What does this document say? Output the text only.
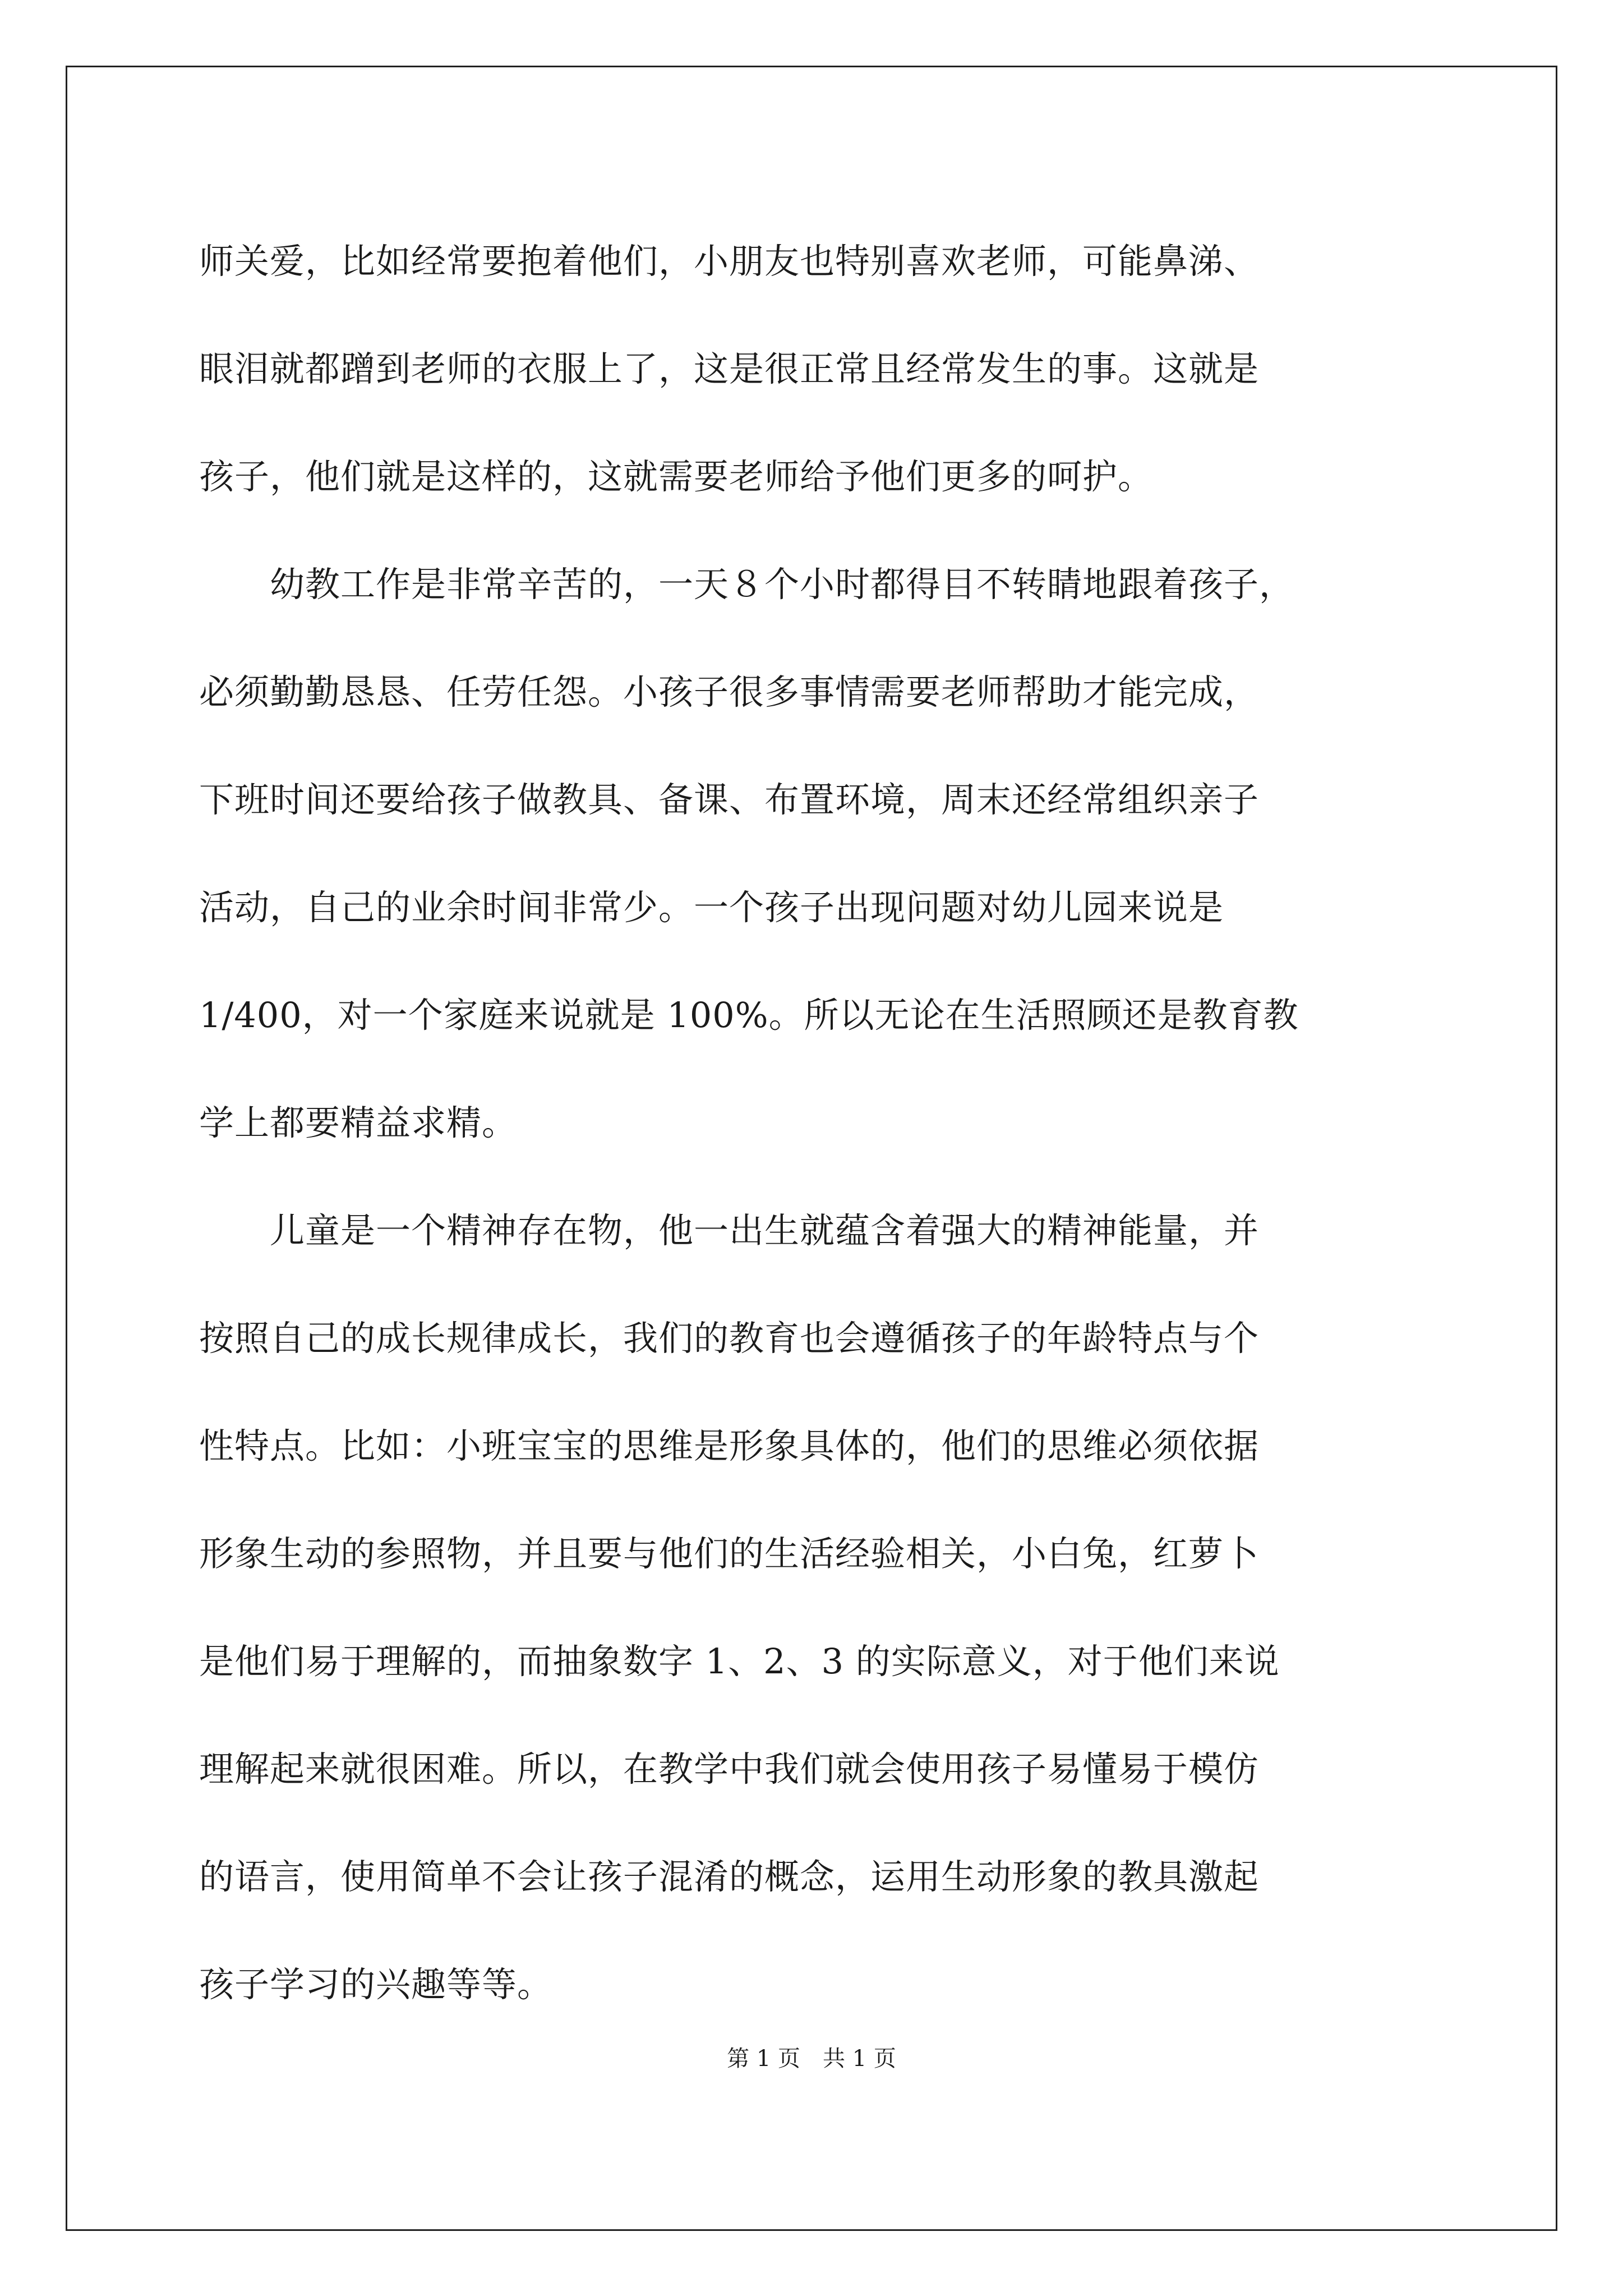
师关爱，比如经常要抱着他们，小朋友也特别喜欢老师，可能鼻涕、
眼泪就都蹭到老师的衣服上了，这是很正常且经常发生的事。这就是
孩子，他们就是这样的，这就需要老师给予他们更多的呵护。

　　幼教工作是非常辛苦的，一天８个小时都得目不转睛地跟着孩子，
必须勤勤恳恳、任劳任怨。小孩子很多事情需要老师帮助才能完成，
下班时间还要给孩子做教具、备课、布置环境，周末还经常组织亲子
活动，自己的业余时间非常少。一个孩子出现问题对幼儿园来说是
1/400，对一个家庭来说就是 100%。所以无论在生活照顾还是教育教
学上都要精益求精。

　　儿童是一个精神存在物，他一出生就蕴含着强大的精神能量，并
按照自己的成长规律成长，我们的教育也会遵循孩子的年龄特点与个
性特点。比如：小班宝宝的思维是形象具体的，他们的思维必须依据
形象生动的参照物，并且要与他们的生活经验相关，小白兔，红萝卜
是他们易于理解的，而抽象数字 1、2、3 的实际意义，对于他们来说
理解起来就很困难。所以，在教学中我们就会使用孩子易懂易于模仿
的语言，使用简单不会让孩子混淆的概念，运用生动形象的教具激起
孩子学习的兴趣等等。

第 1 页　共 1 页
